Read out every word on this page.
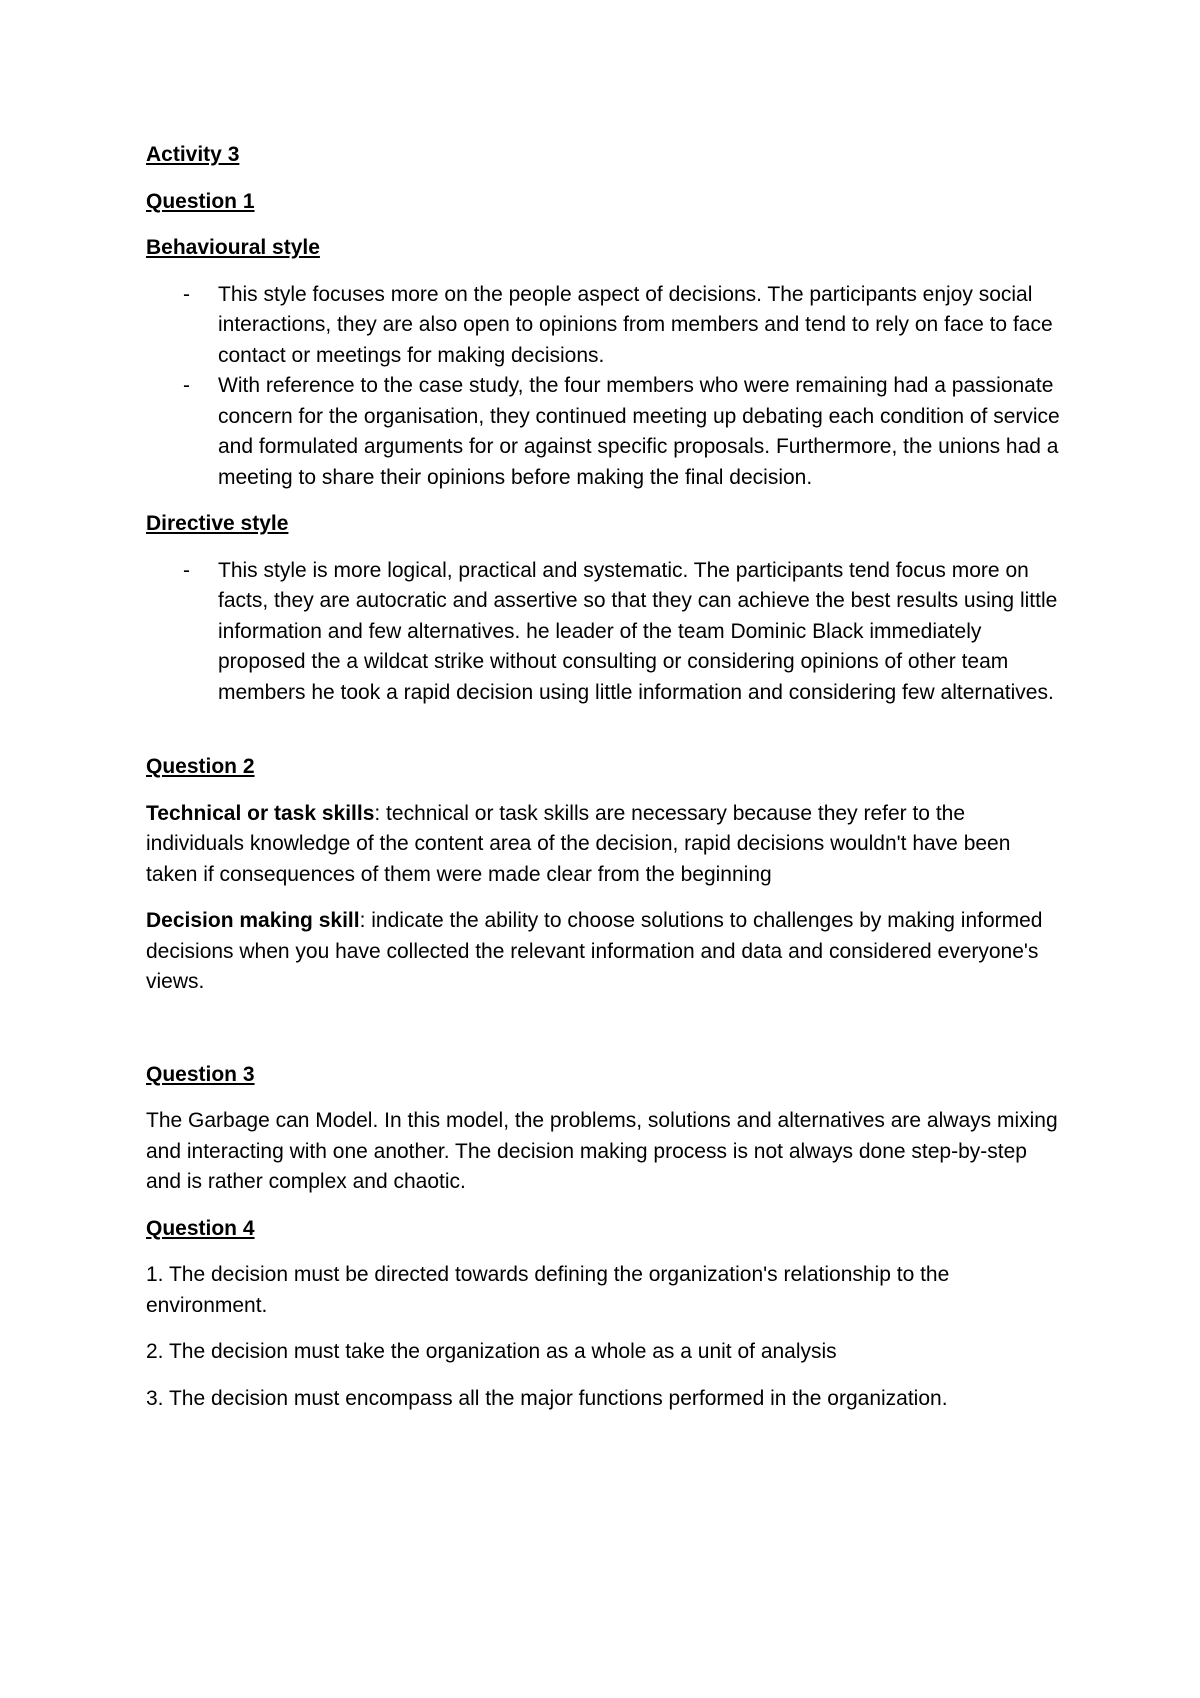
Activity 3
Question 1
Behavioural style
- This style focuses more on the people aspect of decisions. The participants enjoy social interactions, they are also open to opinions from members and tend to rely on face to face contact or meetings for making decisions.
- With reference to the case study, the four members who were remaining had a passionate concern for the organisation, they continued meeting up debating each condition of service and formulated arguments for or against specific proposals. Furthermore, the unions had a meeting to share their opinions before making the final decision.
Directive style
- This style is more logical, practical and systematic. The participants tend focus more on facts, they are autocratic and assertive so that they can achieve the best results using little information and few alternatives. he leader of the team Dominic Black immediately proposed the a wildcat strike without consulting or considering opinions of other team members he took a rapid decision using little information and considering few alternatives.
Question 2

Technical or task skills: technical or task skills are necessary because they refer to the individuals knowledge of the content area of the decision, rapid decisions wouldn't have been taken if consequences of them were made clear from the beginning

Decision making skill: indicate the ability to choose solutions to challenges by making informed decisions when you have collected the relevant information and data and considered everyone's views.

Question 3

The Garbage can Model. In this model, the problems, solutions and alternatives are always mixing and interacting with one another. The decision making process is not always done step-by-step and is rather complex and chaotic.

Question 4

1. The decision must be directed towards defining the organization's relationship to the environment.

2. The decision must take the organization as a whole as a unit of analysis

3. The decision must encompass all the major functions performed in the organization.
